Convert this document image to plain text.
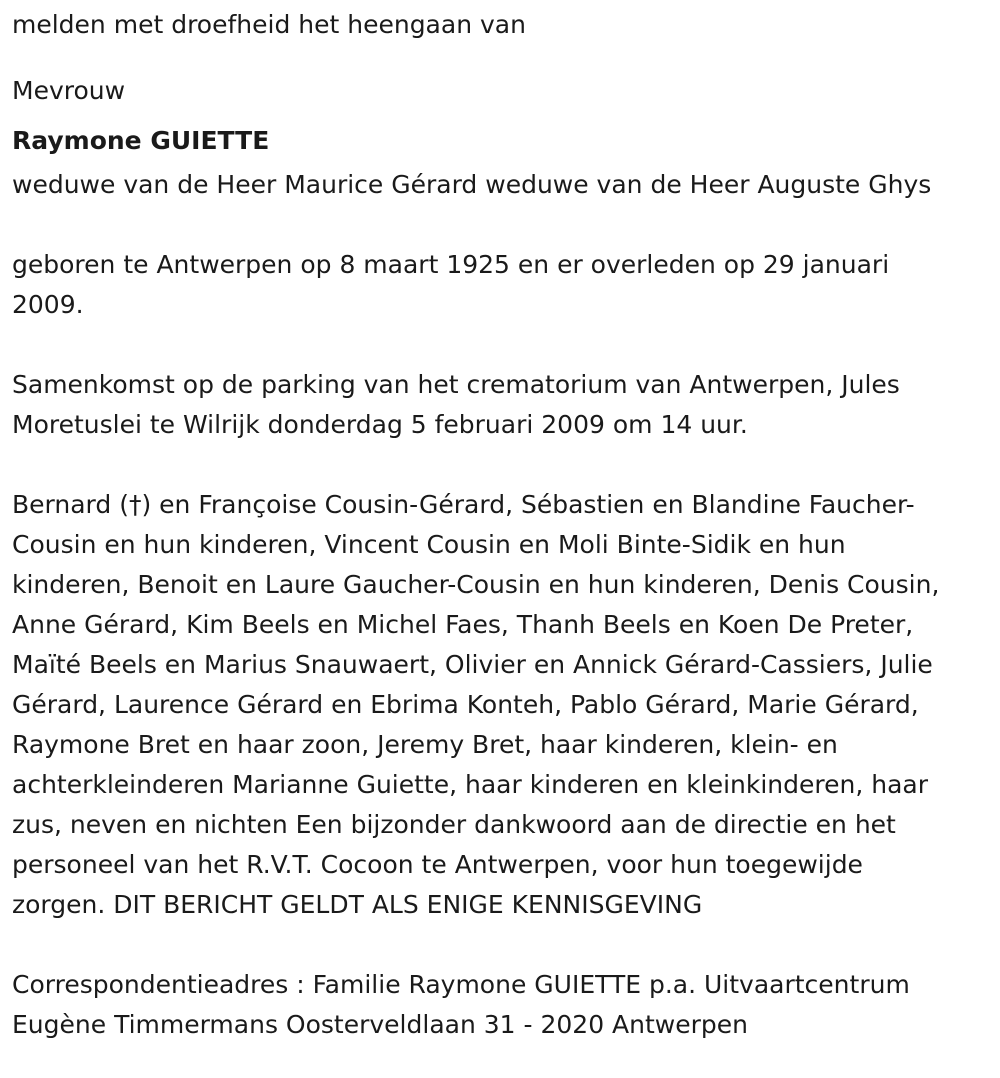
melden met droefheid het heengaan van

Mevrouw
Raymone GUIETTE

weduwe van de Heer Maurice Gérard weduwe van de Heer Auguste Ghys

geboren te Antwerpen op 8 maart 1925 en er overleden op 29 januari

2009.

Samenkomst op de parking van het crematorium van Antwerpen, Jules

Moretuslei te Wilrijk donderdag 5 februari 2009 om 14 uur.

Bernard (†) en Françoise Cousin-Gérard, Sébastien en Blandine Faucher-

Cousin en hun kinderen, Vincent Cousin en Moli Binte-Sidik en hun

kinderen, Benoit en Laure Gaucher-Cousin en hun kinderen, Denis Cousin,

Anne Gérard, Kim Beels en Michel Faes, Thanh Beels en Koen De Preter,

Maïté Beels en Marius Snauwaert, Olivier en Annick Gérard-Cassiers, Julie

Gérard, Laurence Gérard en Ebrima Konteh, Pablo Gérard, Marie Gérard,

Raymone Bret en haar zoon, Jeremy Bret, haar kinderen, klein- en

achterkleinderen Marianne Guiette, haar kinderen en kleinkinderen, haar

zus, neven en nichten Een bijzonder dankwoord aan de directie en het

personeel van het R.V.T. Cocoon te Antwerpen, voor hun toegewijde

zorgen. DIT BERICHT GELDT ALS ENIGE KENNISGEVING

Correspondentieadres : Familie Raymone GUIETTE p.a. Uitvaartcentrum

Eugène Timmermans Oosterveldlaan 31 - 2020 Antwerpen
